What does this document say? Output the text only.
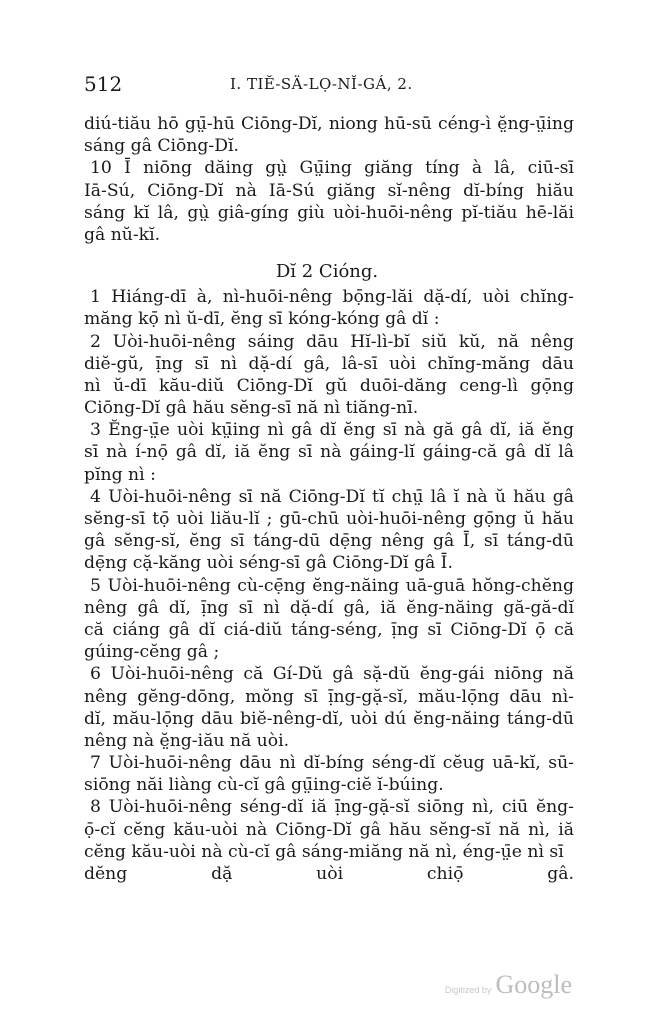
512	I. TIĔ-SÄ-LỌ-NĬ-GÁ, 2.
diú-tiău hō gṳ̄-hū Ciōng-Dĭ, niong hū-sū céng-ì ĕ̤ng-ṳ̄ing
sáng gâ Ciōng-Dĭ.
10 Ī niōng dăing gṳ̀ Gṳ̄ing giăng tíng à lâ, ciū-sī
Iā-Sú, Ciōng-Dĭ nà Iā-Sú giăng sĭ-nêng dĭ-bíng hiău
sáng kĭ lâ, gṳ̀ giâ-gíng giù uòi-huōi-nêng pĭ-tiău hē-lăi
gâ nŭ-kĭ.
1 Hiáng-dī à, nì-huōi-nêng bọ̄ng-lăi dặ-dí, uòi chĭng-
măng kọ̄ nì ŭ-dī, ĕng sī kóng-kóng gâ dĭ :
2 Uòi-huōi-nêng sáing dāu Hĭ-lì-bĭ siŭ kŭ, nă nêng
diĕ-gŭ, ị̄ng sī nì dặ-dí gâ, lâ-sī uòi chĭng-măng dāu
nì ŭ-dī kău-diŭ Ciōng-Dĭ gŭ duōi-dăng ceng-lì gọ̄ng
Ciōng-Dĭ gâ hău sĕng-sī nă nì tiăng-nī.
3 Ĕng-ṳ̄e uòi kṳ̄ing nì gâ dĭ ĕng sī nà gă gâ dĭ, iă ĕng
sī nà í-nọ̄ gâ dĭ, iă ĕng sī nà gáing-lĭ gáing-că gâ dĭ lâ
pĭng nì :
4 Uòi-huōi-nêng sī nă Ciōng-Dĭ tĭ chṳ̄ lâ ĭ nà ŭ hău gâ
sĕng-sī tọ̄ uòi liău-lĭ ; gū-chū uòi-huōi-nêng gọ̄ng ŭ hău
gâ sĕng-sĭ, ĕng sī táng-dū dẹ̄ng nêng gâ Ī, sī táng-dū
dẹ̄ng cặ-kăng uòi séng-sī gâ Ciōng-Dĭ gâ Ī.
5 Uòi-huōi-nêng cù-cẹ̄ng ĕng-năing uā-guā hŏng-chĕng
nêng gâ dĭ, ị̄ng sī nì dặ-dí gâ, iă ĕng-năing gă-gă-dĭ
că ciáng gâ dĭ ciá-diŭ táng-séng, ị̄ng sī Ciōng-Dĭ ọ̄ că
gúing-cĕng gâ ;
6 Uòi-huōi-nêng că Gí-Dŭ gâ sặ-dŭ ĕng-gái niōng nă
nêng gĕng-dōng, mŏng sī ị̄ng-gặ-sĭ, mău-lọ̄ng dāu nì-
dĭ, mău-lọ̄ng dāu biĕ-nêng-dĭ, uòi dú ĕng-năing táng-dū
nêng nà ĕ̤ng-iău nă uòi.
7 Uòi-huōi-nêng dāu nì dĭ-bíng séng-dĭ cĕug uā-kĭ, sū-
siōng năi liàng cù-cĭ gâ gṳ̄ing-ciĕ ĭ-búing.
8 Uòi-huōi-nêng séng-dĭ iă ị̄ng-gặ-sĭ siōng nì, ciū ĕng-
ọ̄-cĭ cĕng kău-uòi nà Ciōng-Dĭ gâ hău sĕng-sĭ nă nì, iă
cĕng kău-uòi nà cù-cĭ gâ sáng-miăng nă nì, éng-ṳ̄e nì sī
dĕng dặ uòi chiọ̄ gâ.
Dĭ 2 Cióng.
Digitized by Google
